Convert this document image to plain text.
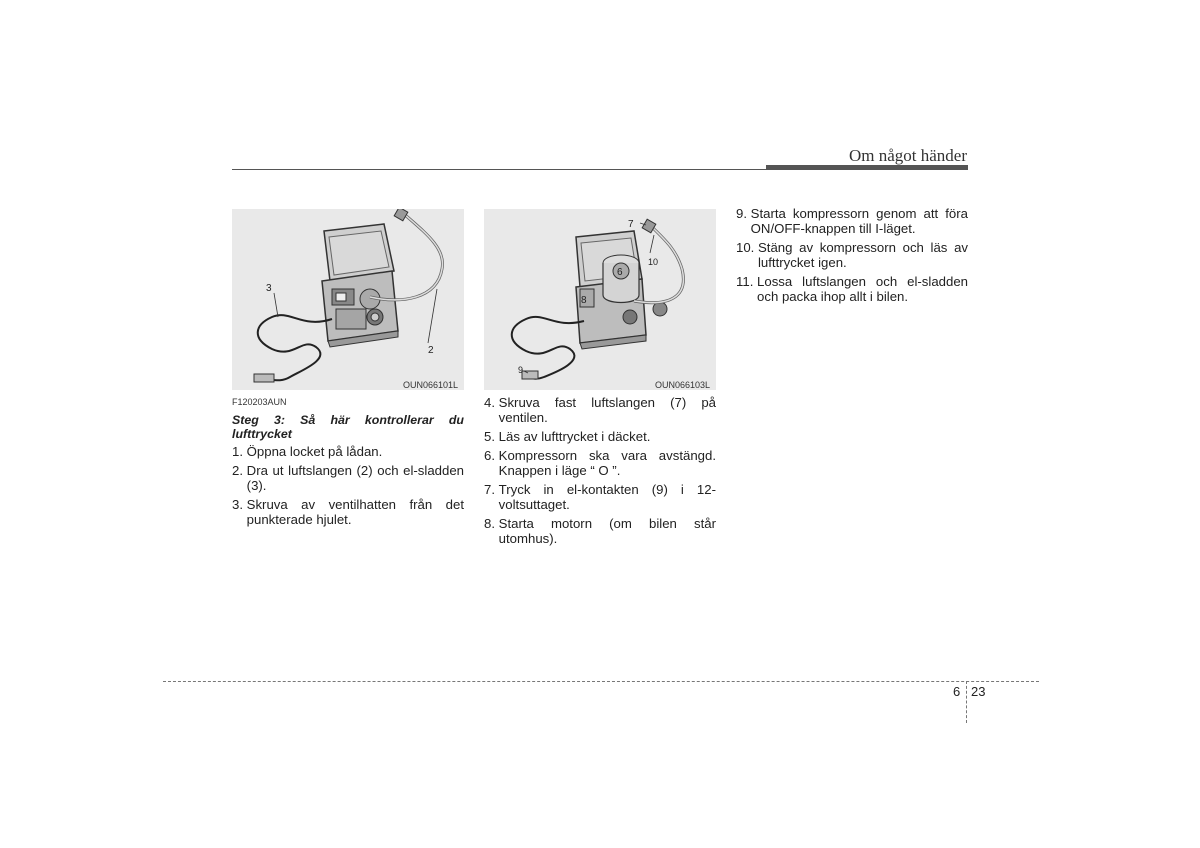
Om något händer
3
2
OUN066101L
7
10
6
8
9
OUN066103L
F120203AUN
Steg 3: Så här kontrollerar du lufttrycket
1. Öppna locket på lådan.
2. Dra ut luftslangen (2) och el-sladden (3).
3. Skruva av ventilhatten från det punkterade hjulet.
4. Skruva fast luftslangen (7) på ventilen.
5. Läs av lufttrycket i däcket.
6. Kompressorn ska vara avstängd. Knappen i läge “ O ”.
7. Tryck in el-kontakten (9) i 12-voltsuttaget.
8. Starta motorn (om bilen står utomhus).
9. Starta kompressorn genom att föra ON/OFF-knappen till I-läget.
10. Stäng av kompressorn och läs av lufttrycket igen.
11. Lossa luftslangen och el-sladden och packa ihop allt i bilen.
6 23
